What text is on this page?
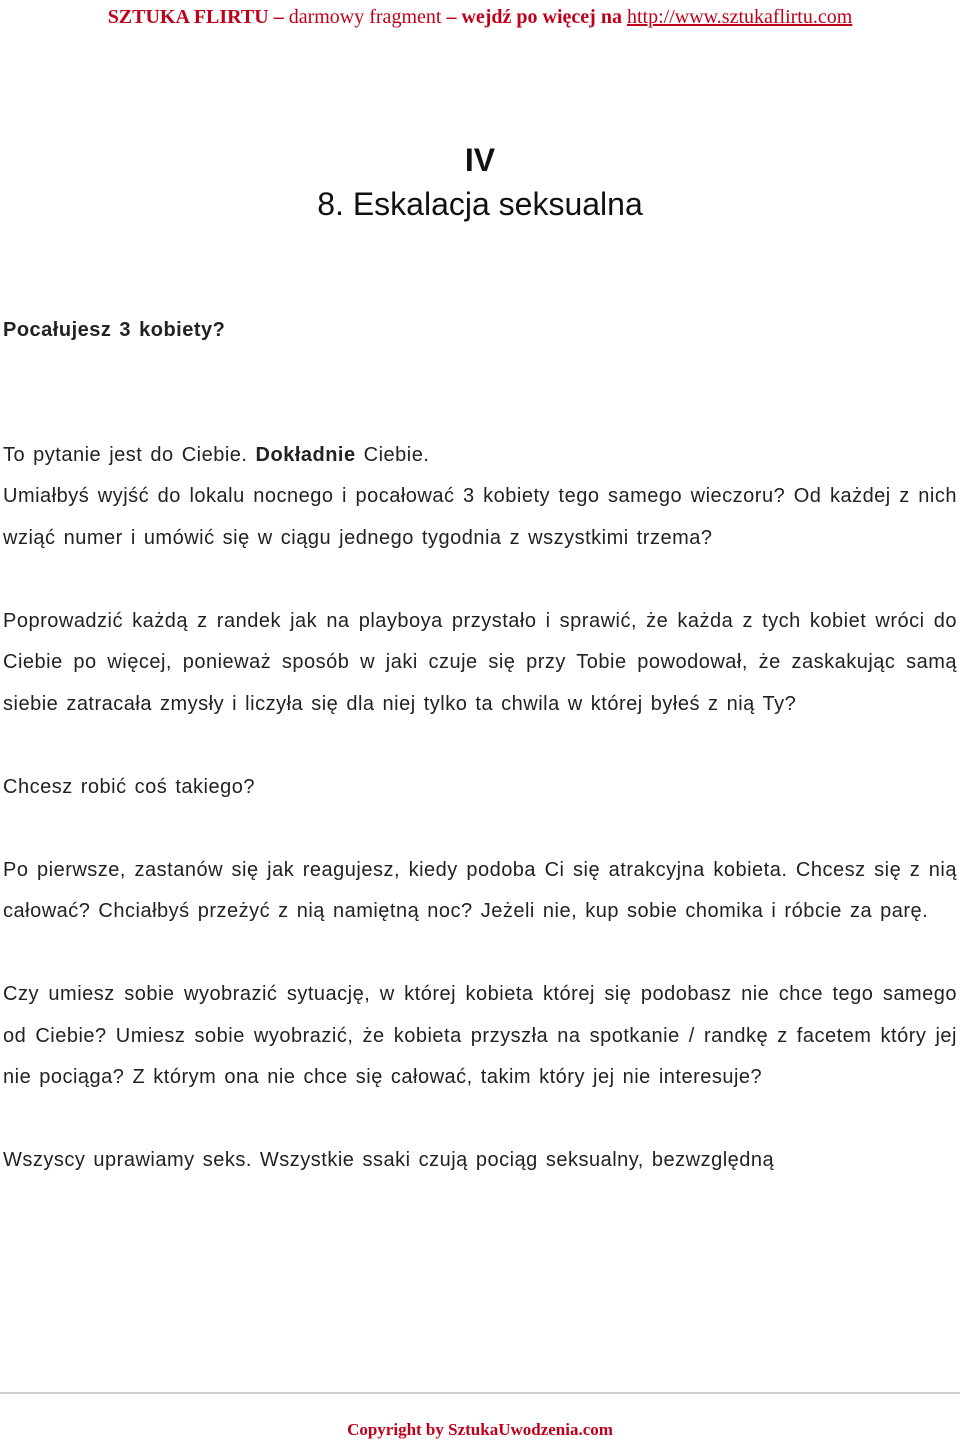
SZTUKA FLIRTU – darmowy fragment – wejdź po więcej na http://www.sztukaflirtu.com
IV
8. Eskalacja seksualna

Pocałujesz 3 kobiety?

To pytanie jest do Ciebie. Dokładnie Ciebie.

Umiałbyś wyjść do lokalu nocnego i pocałować 3 kobiety tego samego wieczoru? Od każdej z nich wziąć numer i umówić się w ciągu jednego tygodnia z wszystkimi trzema?

Poprowadzić każdą z randek jak na playboya przystało i sprawić, że każda z tych kobiet wróci do Ciebie po więcej, ponieważ sposób w jaki czuje się przy Tobie powodował, że zaskakując samą siebie zatracała zmysły i liczyła się dla niej tylko ta chwila w której byłeś z nią Ty?

Chcesz robić coś takiego?

Po pierwsze, zastanów się jak reagujesz, kiedy podoba Ci się atrakcyjna kobieta. Chcesz się z nią całować? Chciałbyś przeżyć z nią namiętną noc? Jeżeli nie, kup sobie chomika i róbcie za parę.

Czy umiesz sobie wyobrazić sytuację, w której kobieta której się podobasz nie chce tego samego od Ciebie? Umiesz sobie wyobrazić, że kobieta przyszła na spotkanie / randkę z facetem który jej nie pociąga? Z którym ona nie chce się całować, takim który jej nie interesuje?

Wszyscy uprawiamy seks. Wszystkie ssaki czują pociąg seksualny, bezwzględną

Copyright by SztukaUwodzenia.com
